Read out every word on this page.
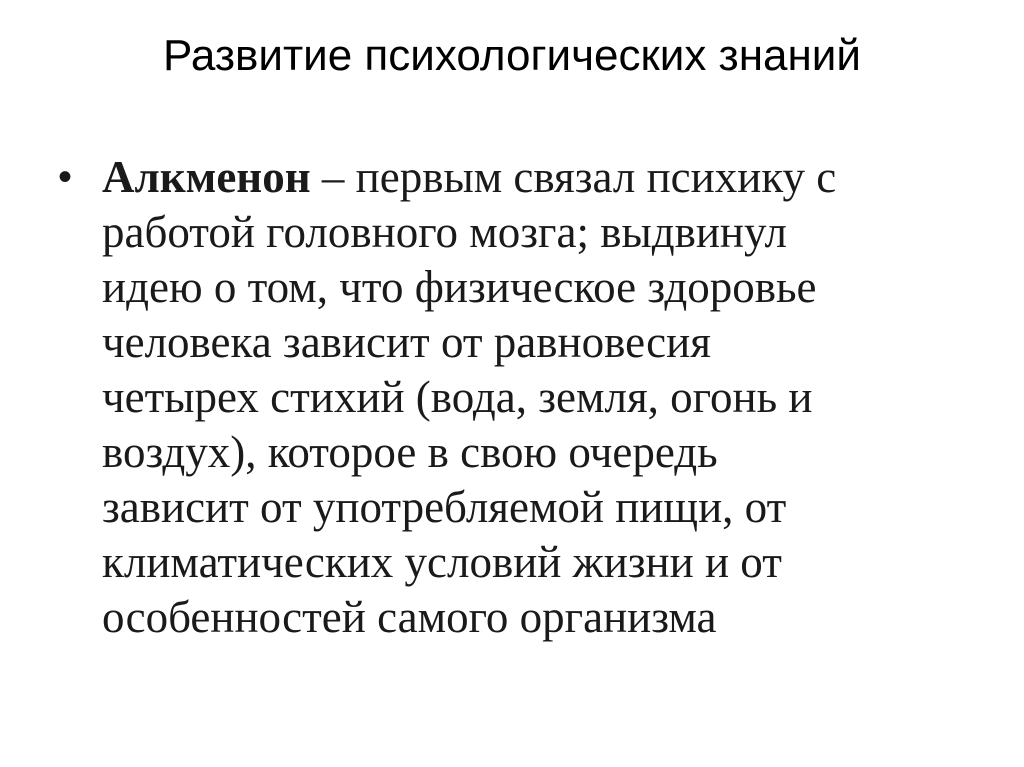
Развитие психологических знаний
• Алкменон – первым связал психику с
работой головного мозга; выдвинул
идею о том, что физическое здоровье
человека зависит от равновесия
четырех стихий (вода, земля, огонь и
воздух), которое в свою очередь
зависит от употребляемой пищи, от
климатических условий жизни и от
особенностей самого организма
